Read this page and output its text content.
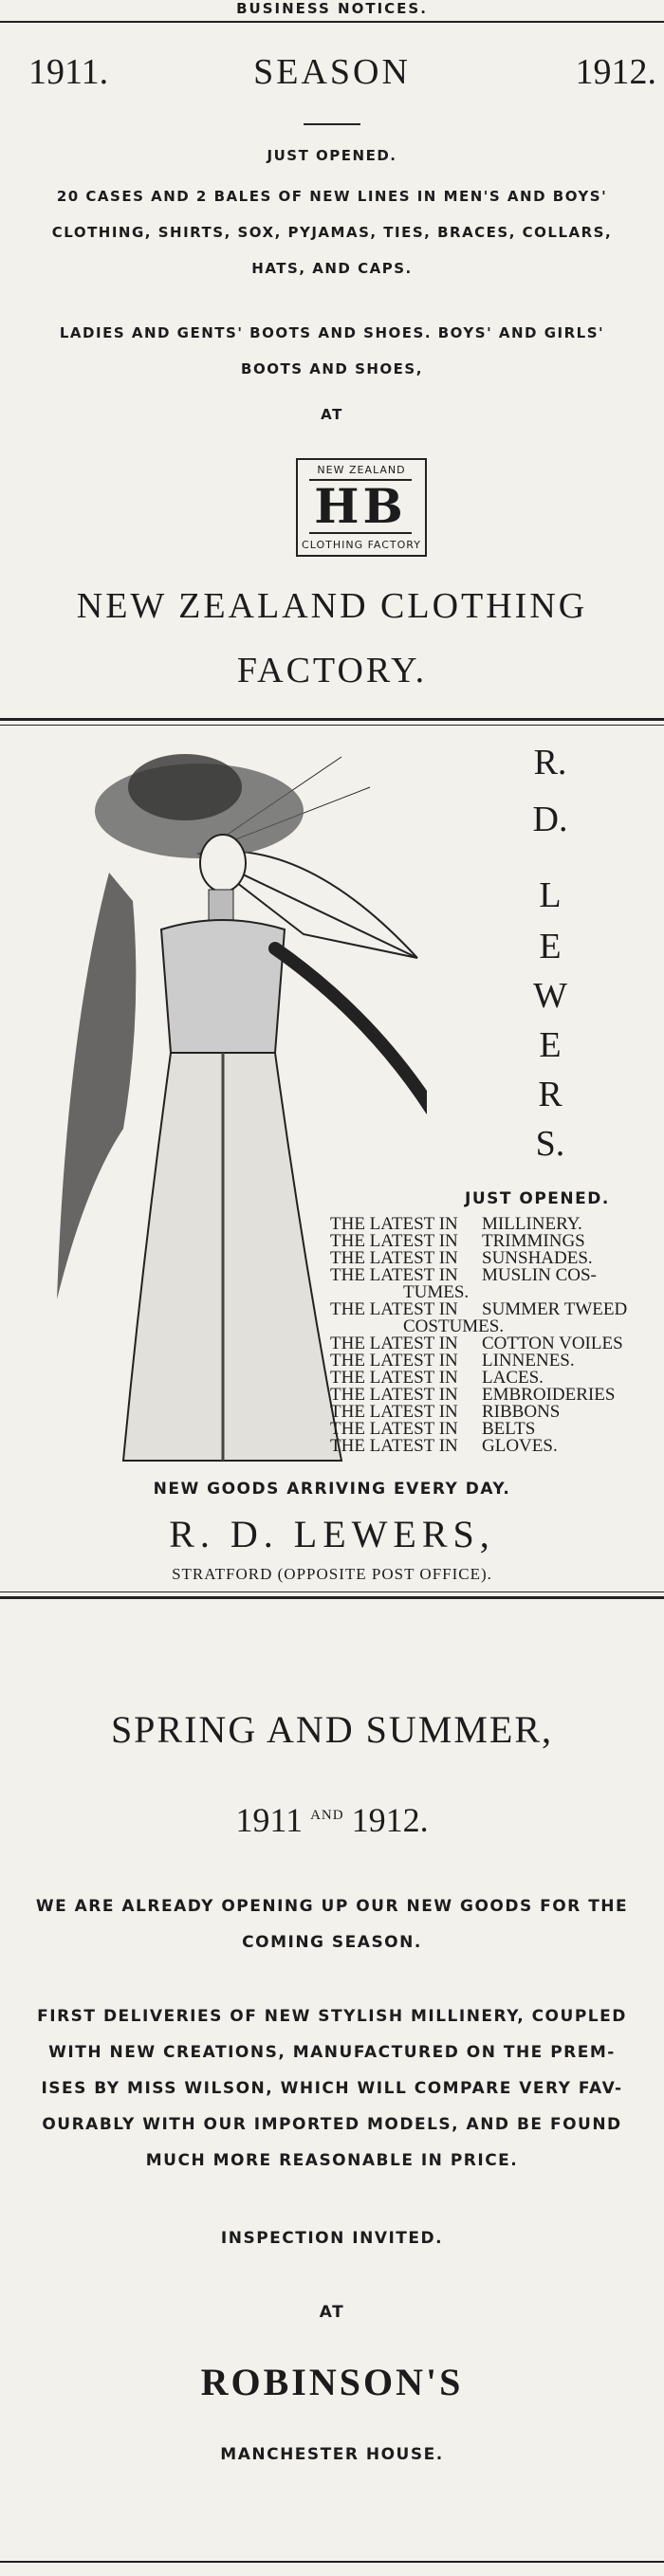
BUSINESS NOTICES.
1911.	SEASON	1912.
JUST OPENED.
20 CASES AND 2 BALES OF NEW LINES IN MEN'S AND BOYS'
CLOTHING, SHIRTS, SOX, PYJAMAS, TIES, BRACES, COLLARS,
HATS, AND CAPS.
LADIES AND GENTS' BOOTS AND SHOES. BOYS' AND GIRLS'
BOOTS AND SHOES,
AT
NEW ZEALAND
HB
CLOTHING FACTORY
NEW ZEALAND CLOTHING
FACTORY.
R.
D.
L
E
W
E
R
S.
JUST OPENED.
THE LATEST IN MILLINERY.
THE LATEST IN TRIMMINGS
THE LATEST IN SUNSHADES.
THE LATEST IN MUSLIN COS-
TUMES.
THE LATEST IN SUMMER TWEED
COSTUMES.
THE LATEST IN COTTON VOILES
THE LATEST IN LINNENES.
THE LATEST IN LACES.
THE LATEST IN EMBROIDERIES
THE LATEST IN RIBBONS
THE LATEST IN BELTS
THE LATEST IN GLOVES.
NEW GOODS ARRIVING EVERY DAY.
R. D. LEWERS,
STRATFORD (OPPOSITE POST OFFICE).
SPRING AND SUMMER,
1911 $^{AND}$ 1912.
WE ARE ALREADY OPENING UP OUR NEW GOODS FOR THE
COMING SEASON.
FIRST DELIVERIES OF NEW STYLISH MILLINERY, COUPLED
WITH NEW CREATIONS, MANUFACTURED ON THE PREM-
ISES BY MISS WILSON, WHICH WILL COMPARE VERY FAV-
OURABLY WITH OUR IMPORTED MODELS, AND BE FOUND
MUCH MORE REASONABLE IN PRICE.
INSPECTION INVITED.
AT
ROBINSON'S
MANCHESTER HOUSE.
